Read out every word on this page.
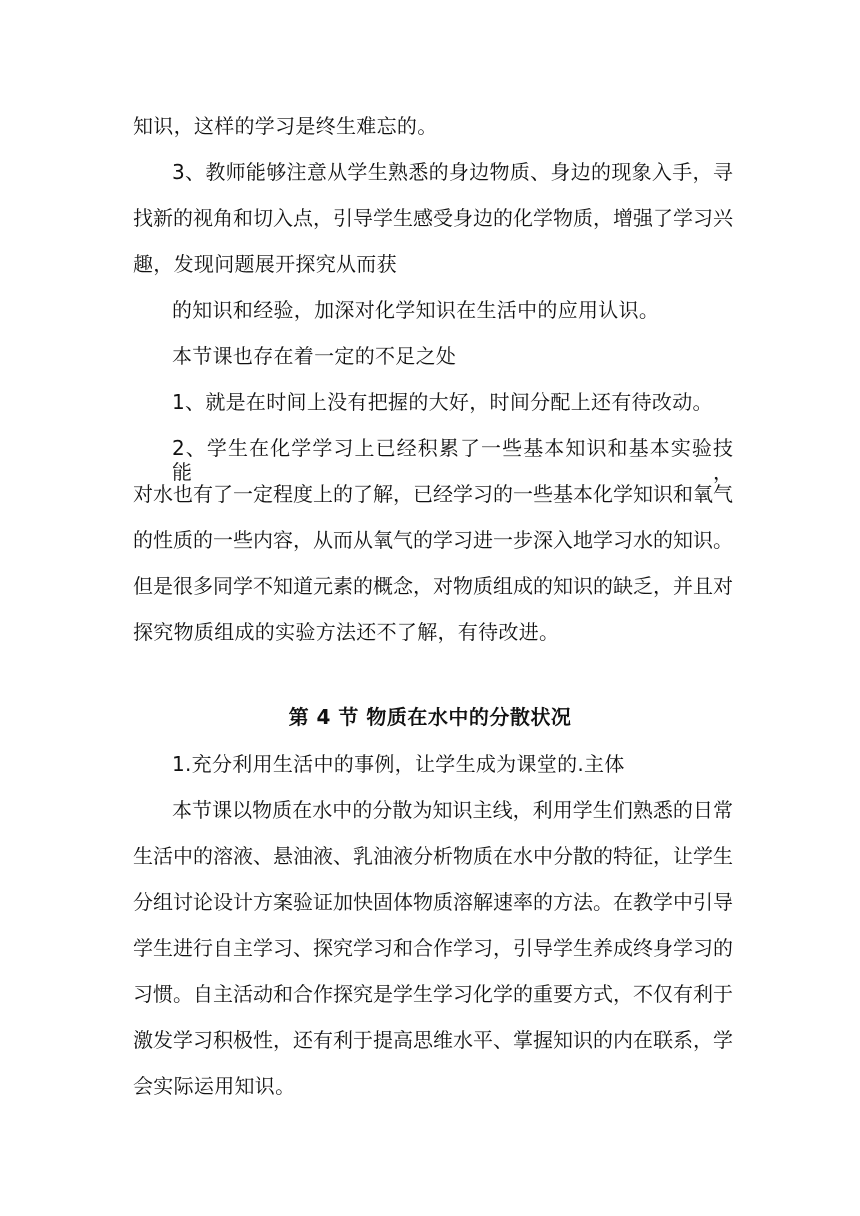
知识，这样的学习是终生难忘的。
3、教师能够注意从学生熟悉的身边物质、身边的现象入手，寻
找新的视角和切入点，引导学生感受身边的化学物质，增强了学习兴
趣，发现问题展开探究从而获
的知识和经验，加深对化学知识在生活中的应用认识。
本节课也存在着一定的不足之处
1、就是在时间上没有把握的大好，时间分配上还有待改动。
2、学生在化学学习上已经积累了一些基本知识和基本实验技能，
对水也有了一定程度上的了解，已经学习的一些基本化学知识和氧气
的性质的一些内容，从而从氧气的学习进一步深入地学习水的知识。
但是很多同学不知道元素的概念，对物质组成的知识的缺乏，并且对
探究物质组成的实验方法还不了解，有待改进。
第 4 节 物质在水中的分散状况
1.充分利用生活中的事例，让学生成为课堂的.主体
本节课以物质在水中的分散为知识主线，利用学生们熟悉的日常
生活中的溶液、悬油液、乳油液分析物质在水中分散的特征，让学生
分组讨论设计方案验证加快固体物质溶解速率的方法。在教学中引导
学生进行自主学习、探究学习和合作学习，引导学生养成终身学习的
习惯。自主活动和合作探究是学生学习化学的重要方式，不仅有利于
激发学习积极性，还有利于提高思维水平、掌握知识的内在联系，学
会实际运用知识。
